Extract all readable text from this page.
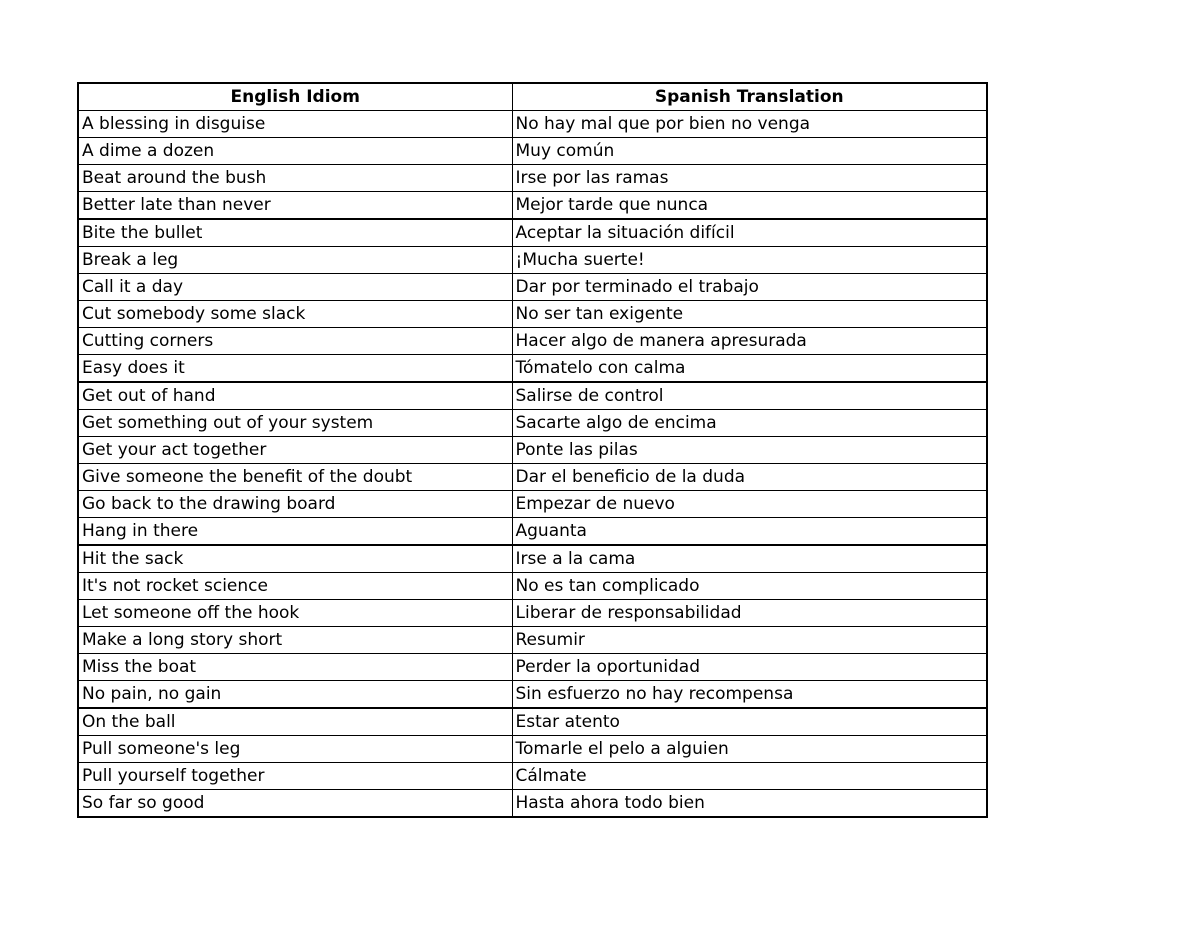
English Idiom	Spanish Translation
A blessing in disguise	No hay mal que por bien no venga
A dime a dozen	Muy común
Beat around the bush	Irse por las ramas
Better late than never	Mejor tarde que nunca
Bite the bullet	Aceptar la situación difícil
Break a leg	¡Mucha suerte!
Call it a day	Dar por terminado el trabajo
Cut somebody some slack	No ser tan exigente
Cutting corners	Hacer algo de manera apresurada
Easy does it	Tómatelo con calma
Get out of hand	Salirse de control
Get something out of your system	Sacarte algo de encima
Get your act together	Ponte las pilas
Give someone the benefit of the doubt	Dar el beneficio de la duda
Go back to the drawing board	Empezar de nuevo
Hang in there	Aguanta
Hit the sack	Irse a la cama
It's not rocket science	No es tan complicado
Let someone off the hook	Liberar de responsabilidad
Make a long story short	Resumir
Miss the boat	Perder la oportunidad
No pain, no gain	Sin esfuerzo no hay recompensa
On the ball	Estar atento
Pull someone's leg	Tomarle el pelo a alguien
Pull yourself together	Cálmate
So far so good	Hasta ahora todo bien
